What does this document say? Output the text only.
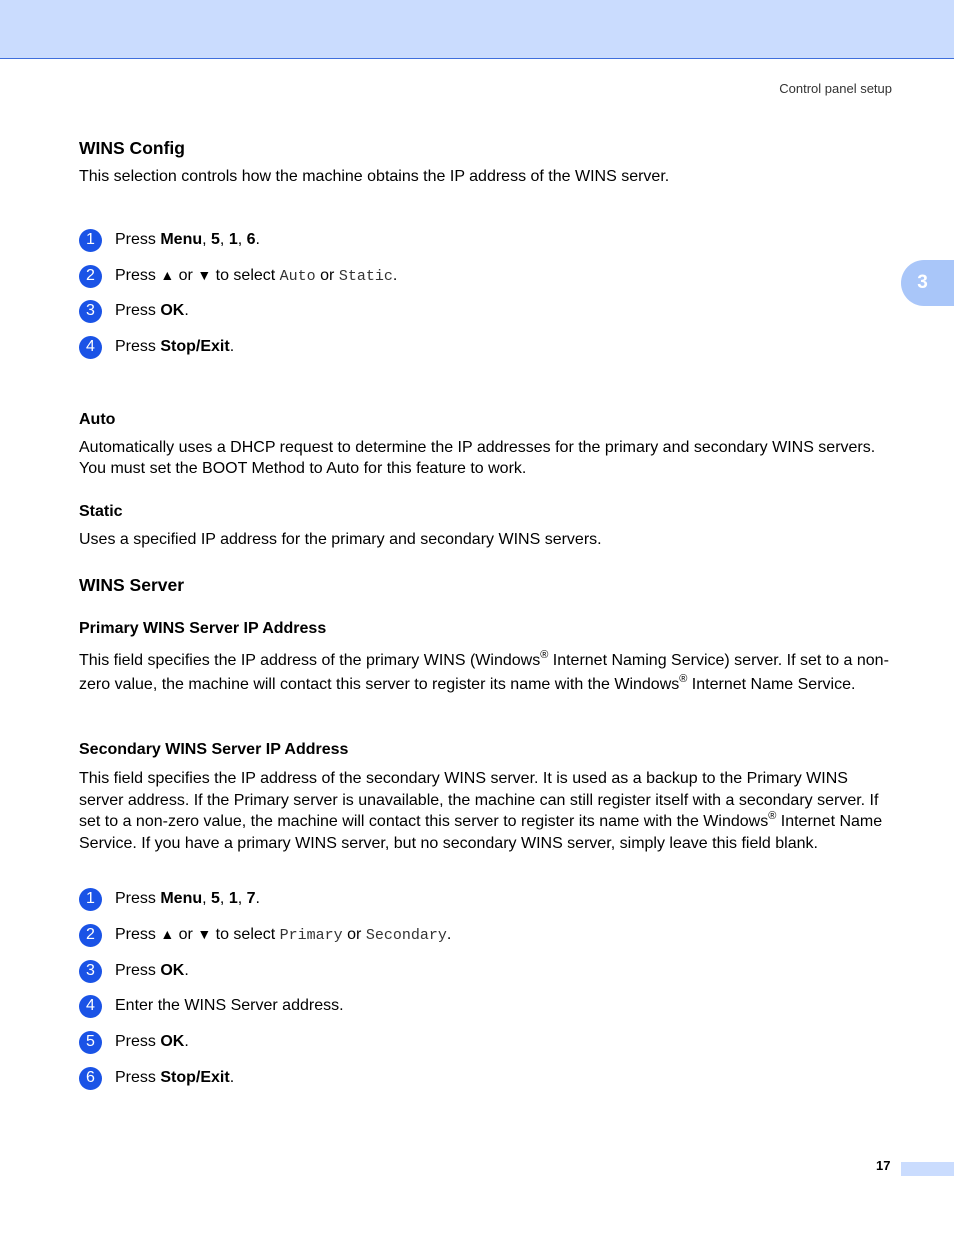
Control panel setup
3
WINS Config

This selection controls how the machine obtains the IP address of the WINS server.

1	Press Menu, 5, 1, 6.
2	Press ▲ or ▼ to select Auto or Static.
3	Press OK.
4	Press Stop/Exit.
Auto

Automatically uses a DHCP request to determine the IP addresses for the primary and secondary WINS servers. You must set the BOOT Method to Auto for this feature to work.

Static

Uses a specified IP address for the primary and secondary WINS servers.

WINS Server
Primary WINS Server IP Address

This field specifies the IP address of the primary WINS (Windows® Internet Naming Service) server. If set to a non-zero value, the machine will contact this server to register its name with the Windows® Internet Name Service.

Secondary WINS Server IP Address

This field specifies the IP address of the secondary WINS server. It is used as a backup to the Primary WINS server address. If the Primary server is unavailable, the machine can still register itself with a secondary server. If set to a non-zero value, the machine will contact this server to register its name with the Windows® Internet Name Service. If you have a primary WINS server, but no secondary WINS server, simply leave this field blank.

1	Press Menu, 5, 1, 7.
2	Press ▲ or ▼ to select Primary or Secondary.
3	Press OK.
4	Enter the WINS Server address.
5	Press OK.
6	Press Stop/Exit.
17
